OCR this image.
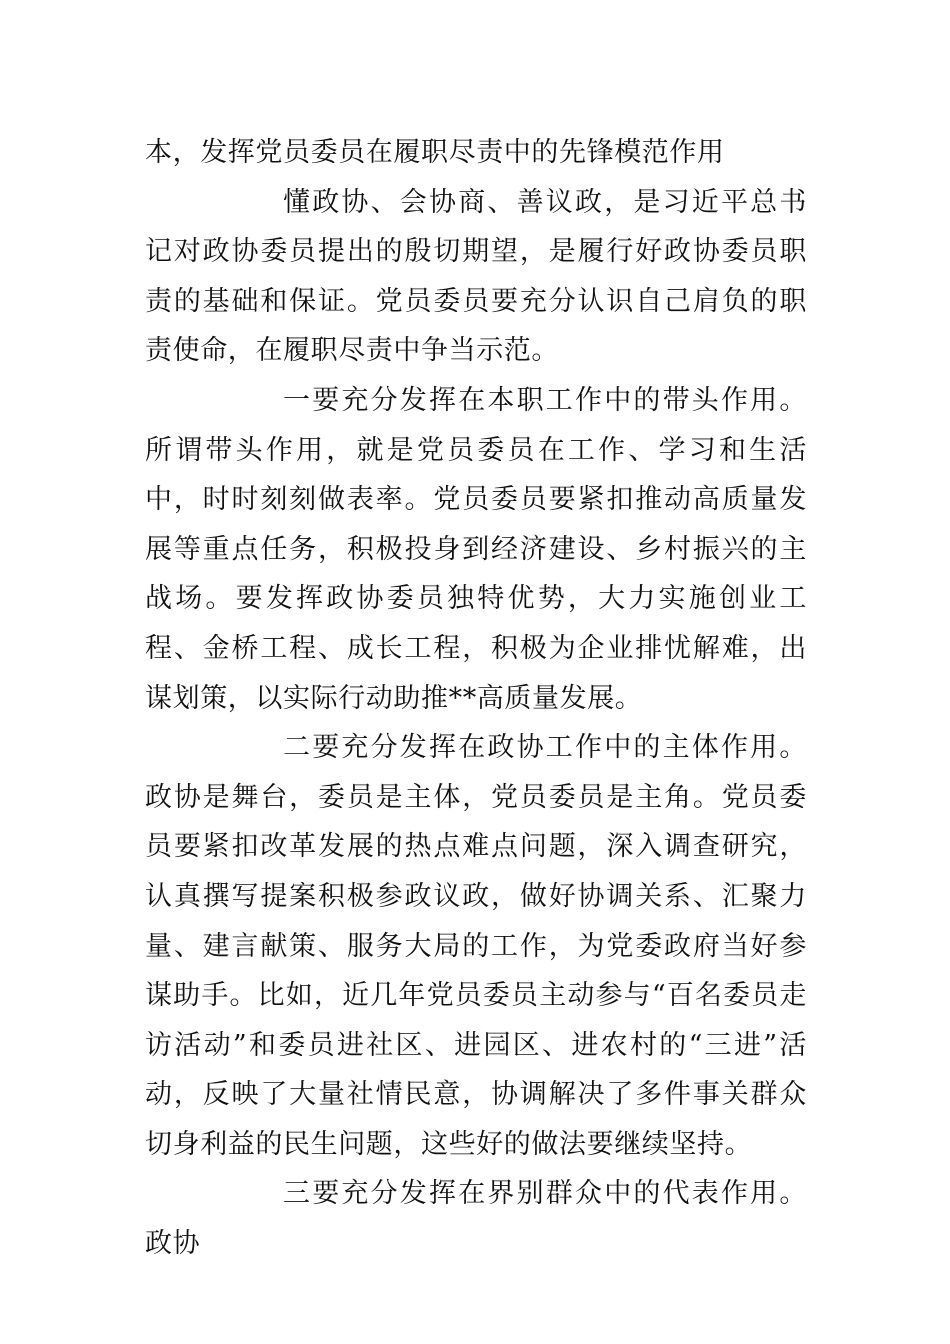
本，发挥党员委员在履职尽责中的先锋模范作用

懂政协、会协商、善议政，是习近平总书记对政协委员提出的殷切期望，是履行好政协委员职责的基础和保证。党员委员要充分认识自己肩负的职责使命，在履职尽责中争当示范。

一要充分发挥在本职工作中的带头作用。所谓带头作用，就是党员委员在工作、学习和生活中，时时刻刻做表率。党员委员要紧扣推动高质量发展等重点任务，积极投身到经济建设、乡村振兴的主战场。要发挥政协委员独特优势，大力实施创业工程、金桥工程、成长工程，积极为企业排忧解难，出谋划策，以实际行动助推**高质量发展。

二要充分发挥在政协工作中的主体作用。政协是舞台，委员是主体，党员委员是主角。党员委员要紧扣改革发展的热点难点问题，深入调查研究，认真撰写提案积极参政议政，做好协调关系、汇聚力量、建言献策、服务大局的工作，为党委政府当好参谋助手。比如，近几年党员委员主动参与“百名委员走访活动”和委员进社区、进园区、进农村的“三进”活动，反映了大量社情民意，协调解决了多件事关群众切身利益的民生问题，这些好的做法要继续坚持。

三要充分发挥在界别群众中的代表作用。政协
